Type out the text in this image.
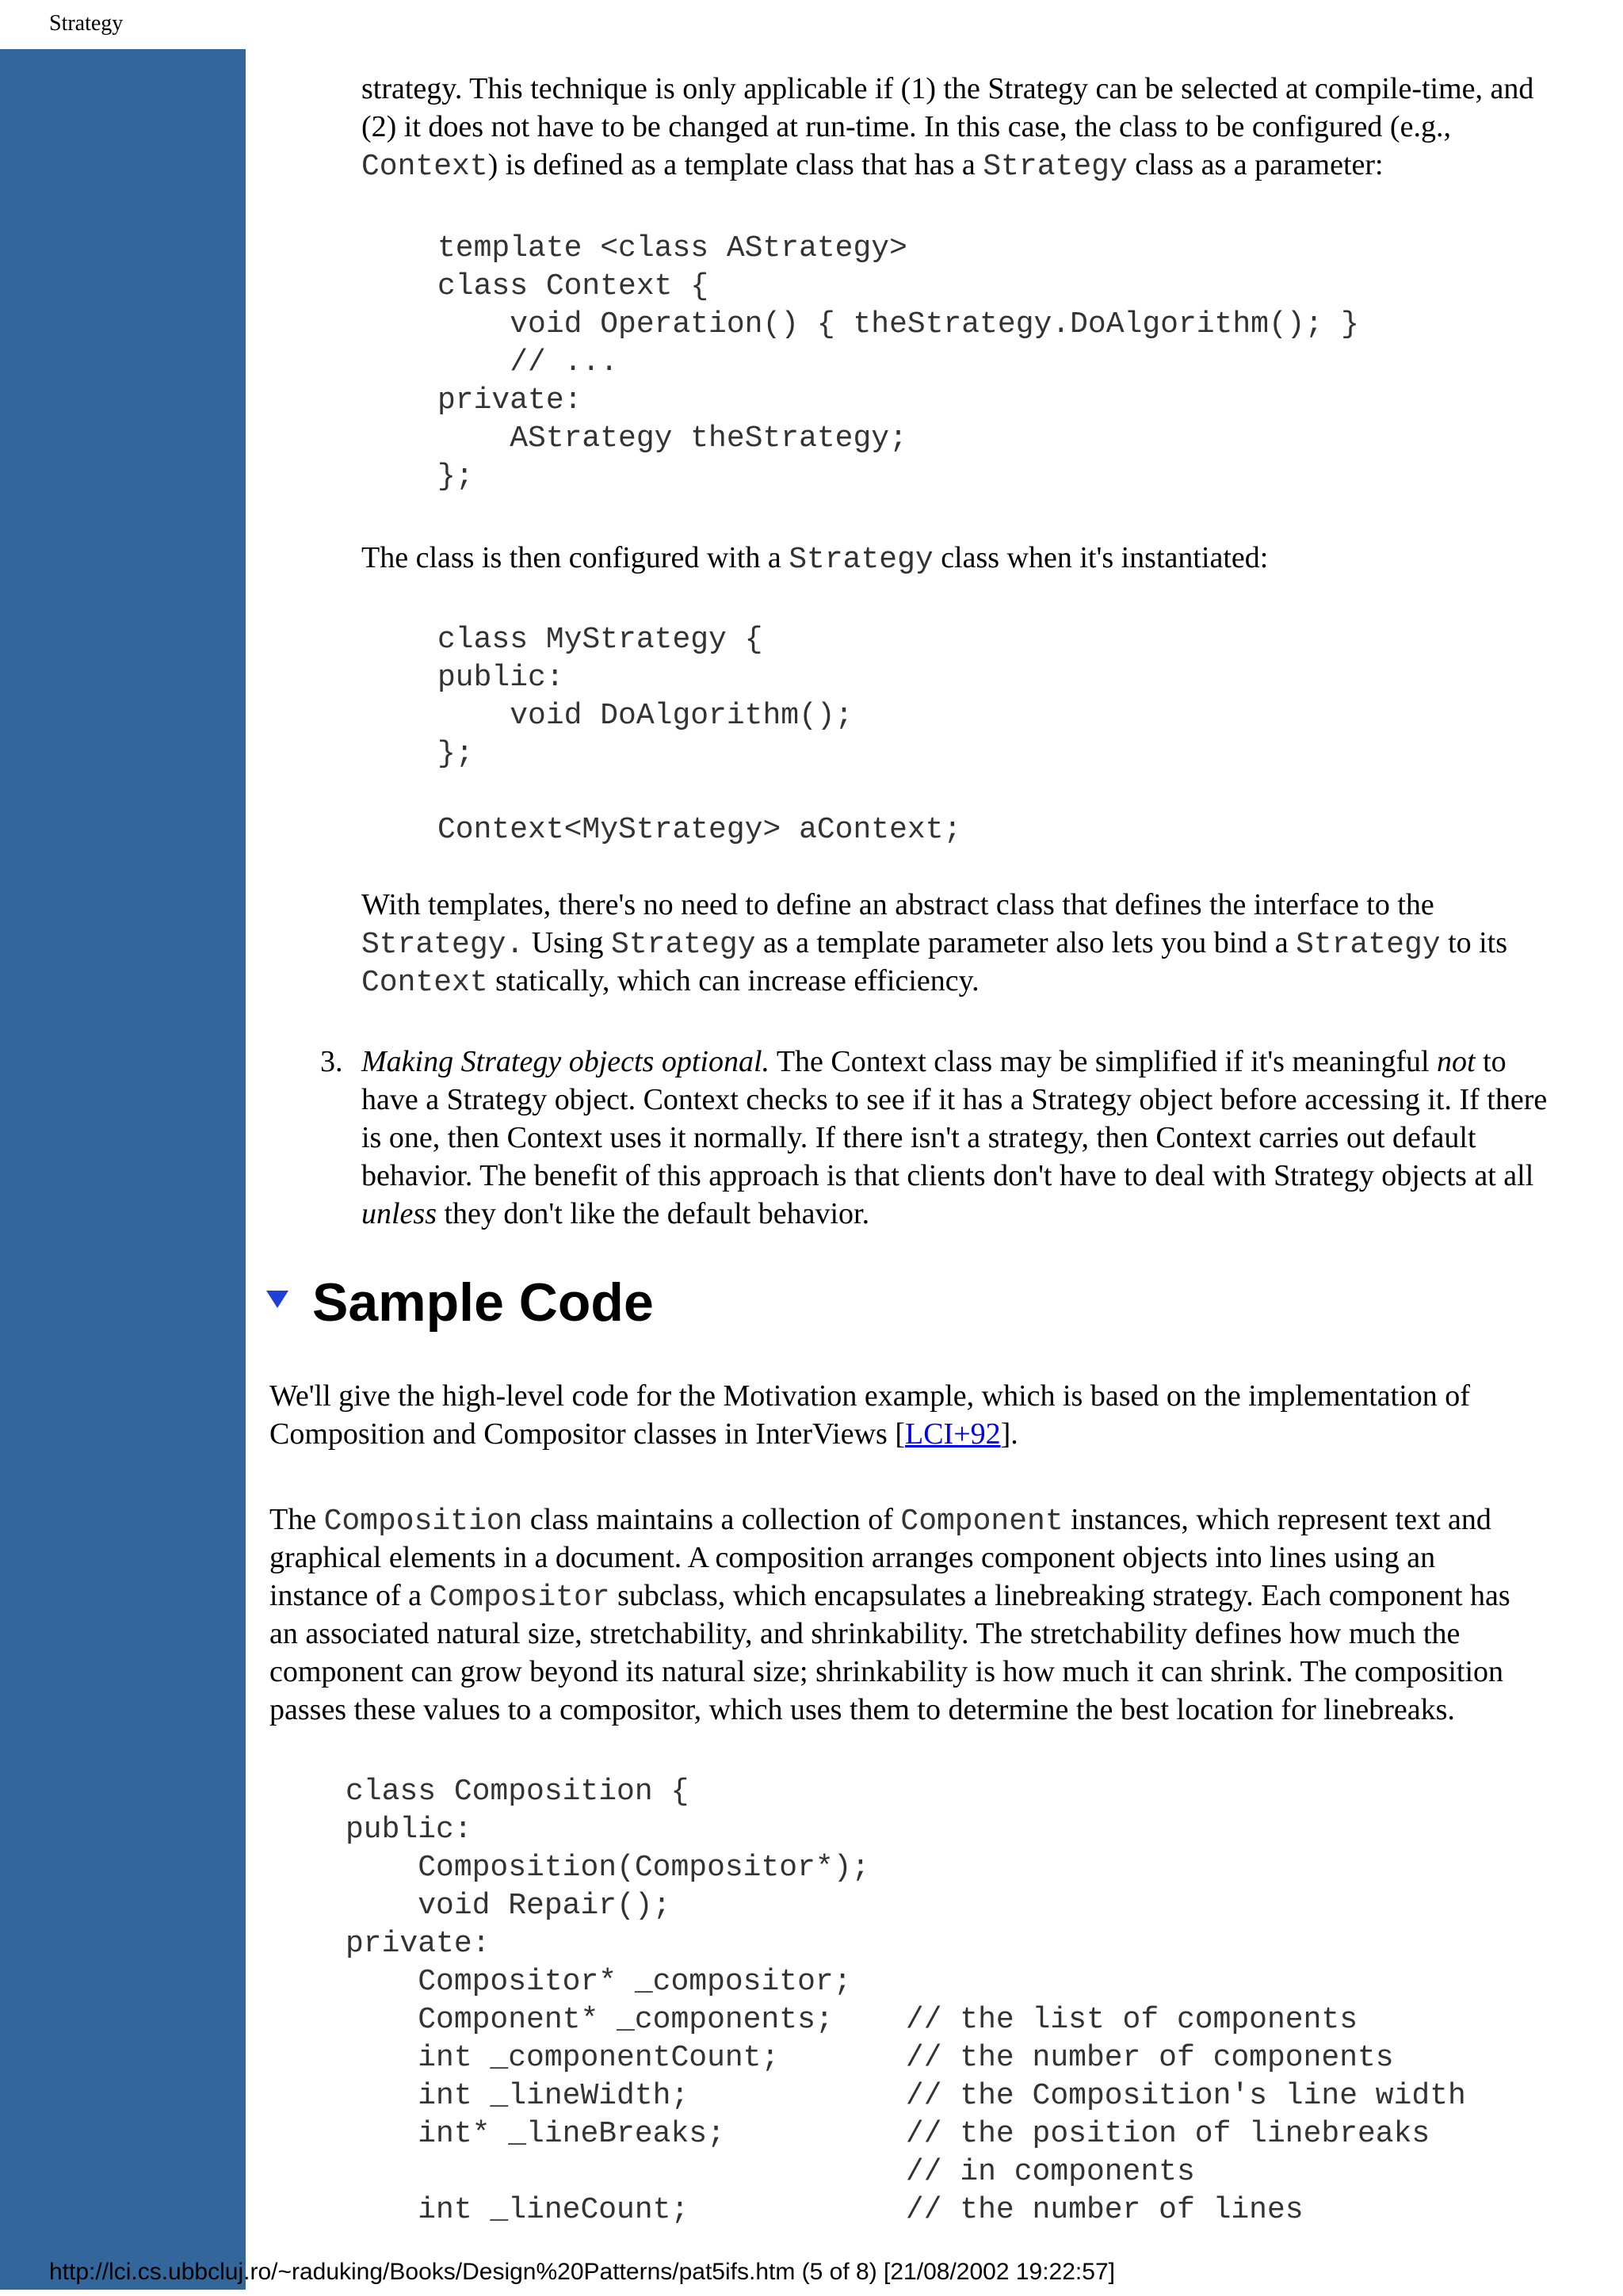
Strategy

strategy. This technique is only applicable if (1) the Strategy can be selected at compile-time, and

(2) it does not have to be changed at run-time. In this case, the class to be configured (e.g.,

Context) is defined as a template class that has a Strategy class as a parameter:

template <class AStrategy>
class Context {
void Operation() { theStrategy.DoAlgorithm(); }
// ...
private:
AStrategy theStrategy;
};

The class is then configured with a Strategy class when it's instantiated:

class MyStrategy {
public:
void DoAlgorithm();
};

Context<MyStrategy> aContext;

With templates, there's no need to define an abstract class that defines the interface to the

Strategy. Using Strategy as a template parameter also lets you bind a Strategy to its

Context statically, which can increase efficiency.

3. Making Strategy objects optional. The Context class may be simplified if it's meaningful not to

have a Strategy object. Context checks to see if it has a Strategy object before accessing it. If there

is one, then Context uses it normally. If there isn't a strategy, then Context carries out default

behavior. The benefit of this approach is that clients don't have to deal with Strategy objects at all

unless they don't like the default behavior.

Sample Code

We'll give the high-level code for the Motivation example, which is based on the implementation of

Composition and Compositor classes in InterViews [LCI+92].

The Composition class maintains a collection of Component instances, which represent text and

graphical elements in a document. A composition arranges component objects into lines using an

instance of a Compositor subclass, which encapsulates a linebreaking strategy. Each component has

an associated natural size, stretchability, and shrinkability. The stretchability defines how much the

component can grow beyond its natural size; shrinkability is how much it can shrink. The composition

passes these values to a compositor, which uses them to determine the best location for linebreaks.

class Composition {
public:
Composition(Compositor*);
void Repair();
private:
Compositor* _compositor;
Component* _components;    // the list of components
int _componentCount;       // the number of components
int _lineWidth;            // the Composition's line width
int* _lineBreaks;          // the position of linebreaks
// in components
int _lineCount;            // the number of lines
http://lci.cs.ubbcluj.ro/~raduking/Books/Design%20Patterns/pat5ifs.htm (5 of 8) [21/08/2002 19:22:57]
